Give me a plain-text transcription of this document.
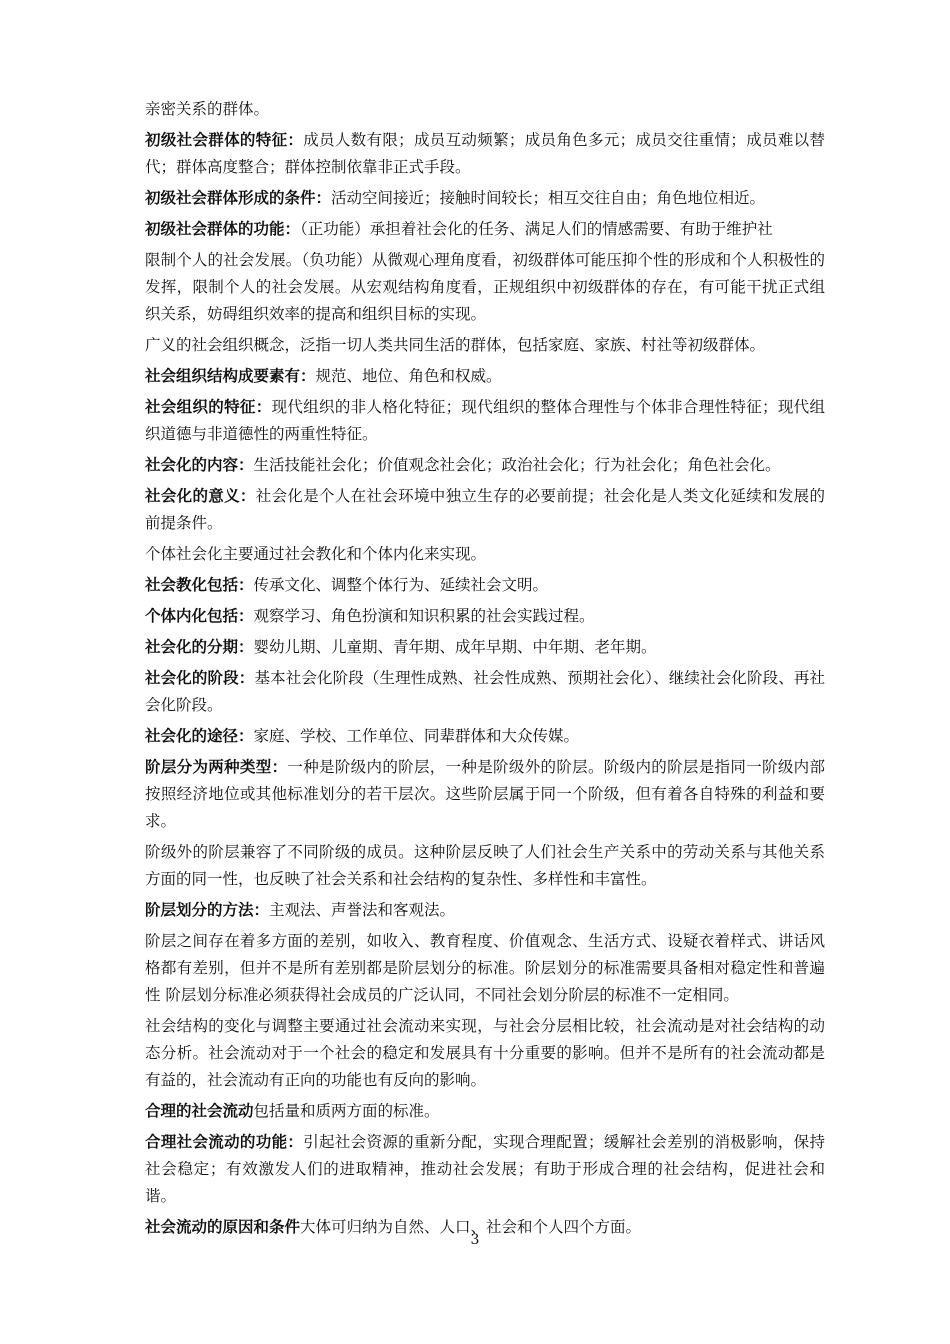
亲密关系的群体。

初级社会群体的特征：成员人数有限；成员互动频繁；成员角色多元；成员交往重情；成员难以替代；群体高度整合；群体控制依靠非正式手段。

初级社会群体形成的条件：活动空间接近；接触时间较长；相互交往自由；角色地位相近。

初级社会群体的功能：（正功能）承担着社会化的任务、满足人们的情感需要、有助于维护社

限制个人的社会发展。（负功能）从微观心理角度看，初级群体可能压抑个性的形成和个人积极性的发挥，限制个人的社会发展。从宏观结构角度看，正规组织中初级群体的存在，有可能干扰正式组织关系，妨碍组织效率的提高和组织目标的实现。

广义的社会组织概念，泛指一切人类共同生活的群体，包括家庭、家族、村社等初级群体。

社会组织结构成要素有：规范、地位、角色和权威。

社会组织的特征：现代组织的非人格化特征；现代组织的整体合理性与个体非合理性特征；现代组织道德与非道德性的两重性特征。

社会化的内容：生活技能社会化；价值观念社会化；政治社会化；行为社会化；角色社会化。

社会化的意义：社会化是个人在社会环境中独立生存的必要前提；社会化是人类文化延续和发展的前提条件。

个体社会化主要通过社会教化和个体内化来实现。

社会教化包括：传承文化、调整个体行为、延续社会文明。

个体内化包括：观察学习、角色扮演和知识积累的社会实践过程。

社会化的分期：婴幼儿期、儿童期、青年期、成年早期、中年期、老年期。

社会化的阶段：基本社会化阶段（生理性成熟、社会性成熟、预期社会化）、继续社会化阶段、再社会化阶段。

社会化的途径：家庭、学校、工作单位、同辈群体和大众传媒。

阶层分为两种类型：一种是阶级内的阶层，一种是阶级外的阶层。阶级内的阶层是指同一阶级内部按照经济地位或其他标准划分的若干层次。这些阶层属于同一个阶级，但有着各自特殊的利益和要求。

阶级外的阶层兼容了不同阶级的成员。这种阶层反映了人们社会生产关系中的劳动关系与其他关系方面的同一性，也反映了社会关系和社会结构的复杂性、多样性和丰富性。

阶层划分的方法：主观法、声誉法和客观法。

阶层之间存在着多方面的差别，如收入、教育程度、价值观念、生活方式、设疑衣着样式、讲话风格都有差别，但并不是所有差别都是阶层划分的标准。阶层划分的标准需要具备相对稳定性和普遍性 阶层划分标准必须获得社会成员的广泛认同，不同社会划分阶层的标准不一定相同。

社会结构的变化与调整主要通过社会流动来实现，与社会分层相比较，社会流动是对社会结构的动态分析。社会流动对于一个社会的稳定和发展具有十分重要的影响。但并不是所有的社会流动都是有益的，社会流动有正向的功能也有反向的影响。

合理的社会流动包括量和质两方面的标准。

合理社会流动的功能：引起社会资源的重新分配，实现合理配置；缓解社会差别的消极影响，保持社会稳定；有效激发人们的进取精神，推动社会发展；有助于形成合理的社会结构，促进社会和谐。

社会流动的原因和条件大体可归纳为自然、人口、社会和个人四个方面。

3
